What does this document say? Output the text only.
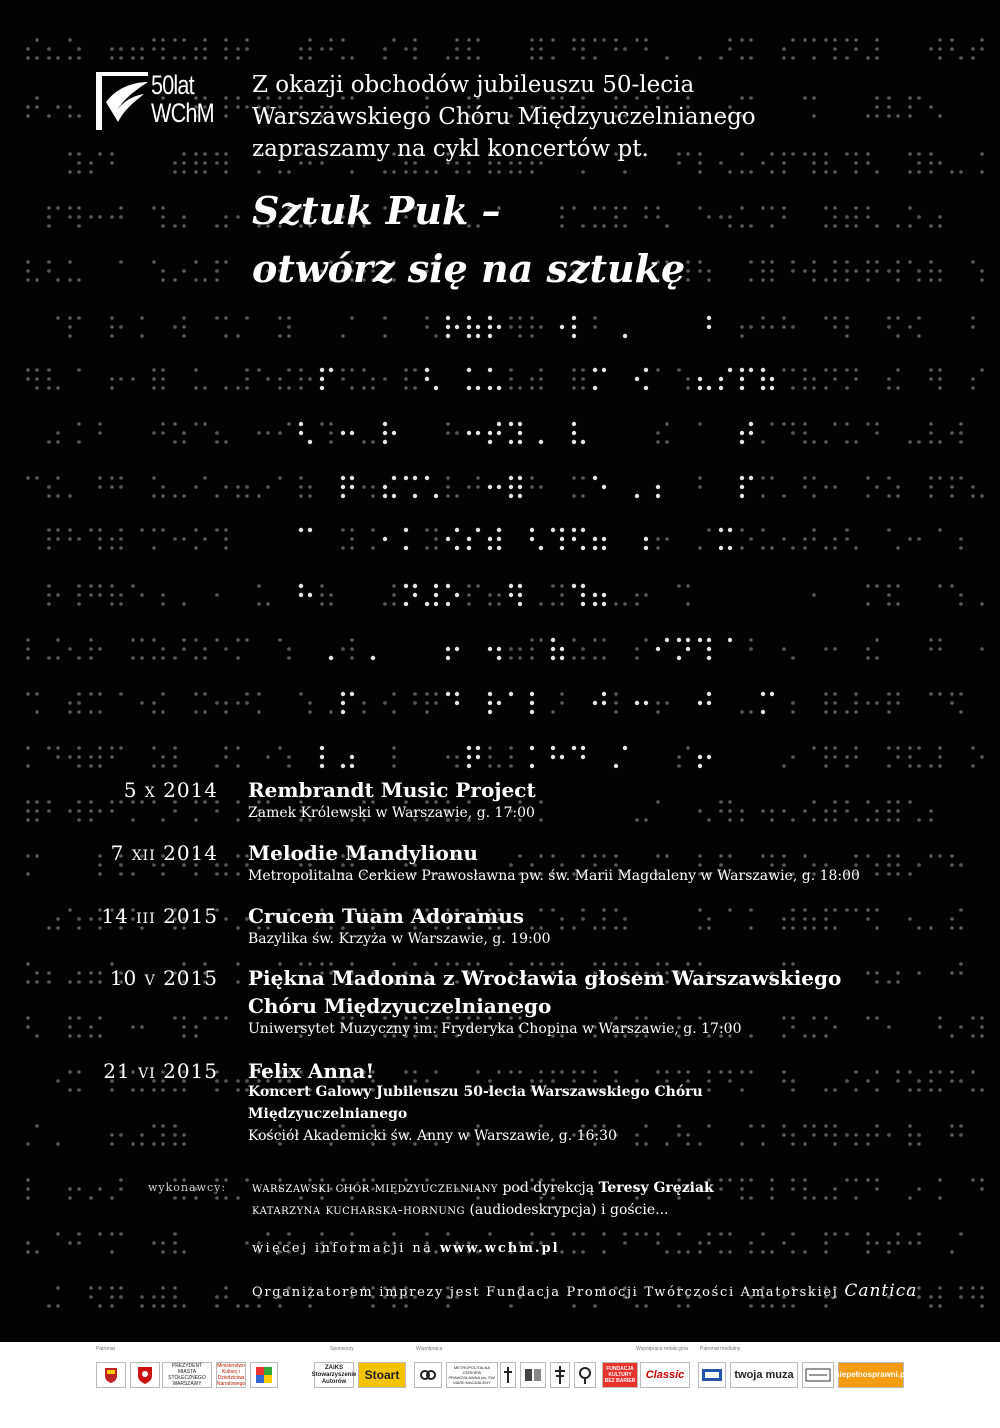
50lat
WChM
Z okazji obchodów jubileuszu 50-lecia
Warszawskiego Chóru Międzyuczelnianego
zapraszamy na cykl koncertów pt.
Sztuk Puk –
otwórz się na sztukę
5 x 2014 Rembrandt Music Project
Zamek Królewski w Warszawie, g. 17:00
7 xii 2014 Melodie Mandylionu
Metropolitalna Cerkiew Prawosławna pw. św. Marii Magdaleny w Warszawie, g. 18:00
14 iii 2015 Crucem Tuam Adoramus
Bazylika św. Krzyża w Warszawie, g. 19:00
10 v 2015 Piękna Madonna z Wrocławia głosem Warszawskiego
Chóru Międzyuczelnianego
Uniwersytet Muzyczny im. Fryderyka Chopina w Warszawie, g. 17:00
21 vi 2015 Felix Anna!
Koncert Galowy Jubileuszu 50-lecia Warszawskiego Chóru
Międzyuczelnianego
Kościół Akademicki św. Anny w Warszawie, g. 16:30
wykonawcy: warszawski chór międzyuczelniany pod dyrekcją Teresy Gręziak
katarzyna kucharska-hornung (audiodeskrypcja) i goście...
więcej informacji na www.wchm.pl
Organizatorem imprezy jest Fundacja Promocji Twórczości Amatorskiej Cantica
Patronat	Sponsorzy	Współpraca	Współpraca redakcyjna Patronat medialny
PREZYDENT MIASTA STOŁECZNEGO WARSZAWY
Ministerstwo Kultury i Dziedzictwa Narodowego
ZAiKS Stowarzyszenie Autorów	Stoart
METROPOLITALNA CERKIEW PRAWOSŁAWNA pw. ŚW. MARII MAGDALENY
FUNDACJA KULTURY BEZ BARIER Classic	twoja muza	niepełnosprawni.pl
